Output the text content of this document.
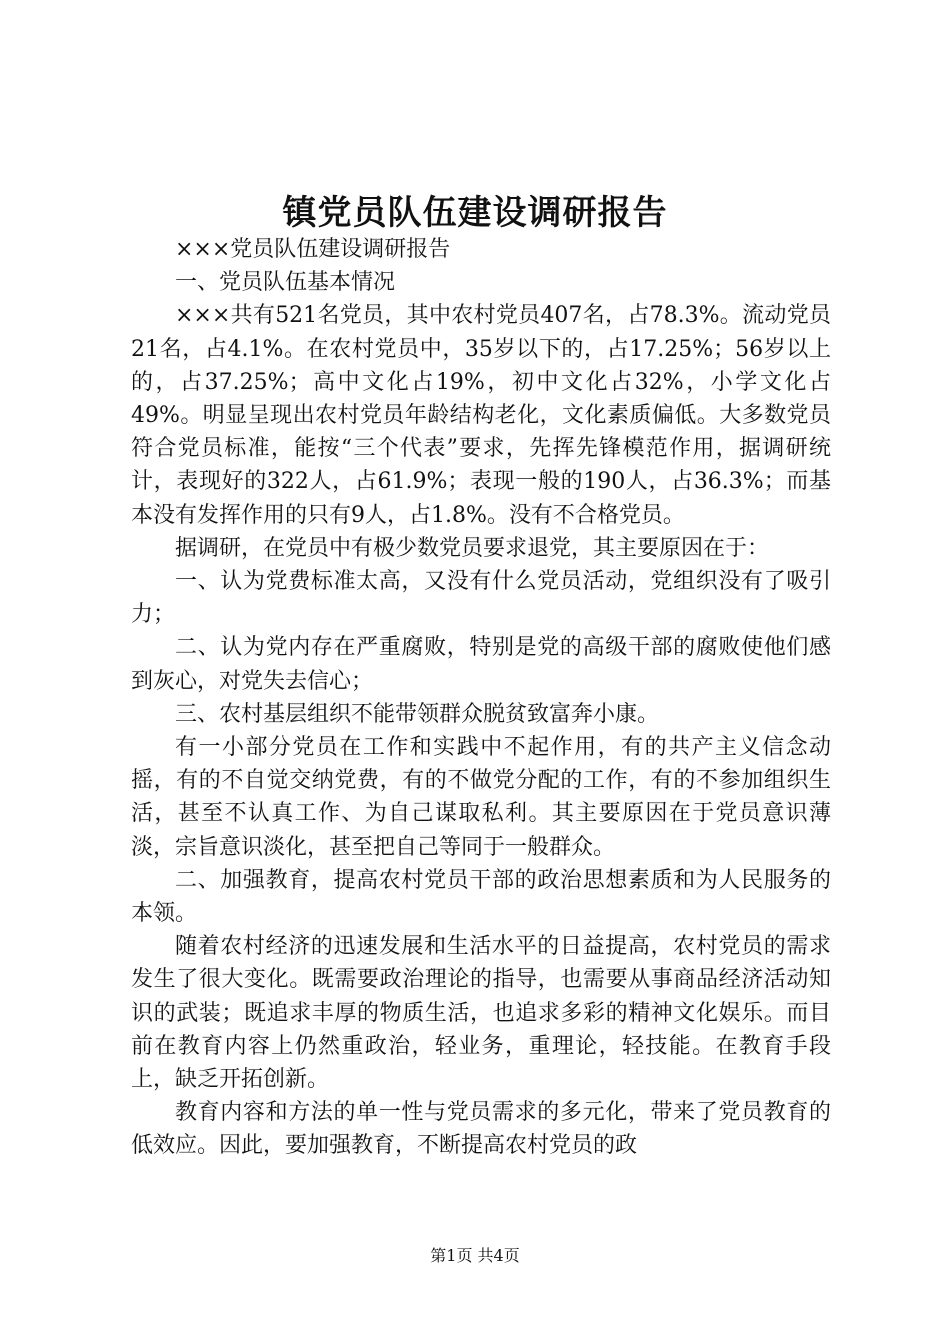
镇党员队伍建设调研报告

×××党员队伍建设调研报告

一、党员队伍基本情况

×××共有521名党员，其中农村党员407名，占78.3%。流动党员21名，占4.1%。在农村党员中，35岁以下的，占17.25%；56岁以上的，占37.25%；高中文化占19%，初中文化占32%，小学文化占49%。明显呈现出农村党员年龄结构老化，文化素质偏低。大多数党员符合党员标准，能按“三个代表”要求，先挥先锋模范作用，据调研统计，表现好的322人，占61.9%；表现一般的190人，占36.3%；而基本没有发挥作用的只有9人，占1.8%。没有不合格党员。

据调研，在党员中有极少数党员要求退党，其主要原因在于：

一、认为党费标准太高，又没有什么党员活动，党组织没有了吸引力；

二、认为党内存在严重腐败，特别是党的高级干部的腐败使他们感到灰心，对党失去信心；

三、农村基层组织不能带领群众脱贫致富奔小康。

有一小部分党员在工作和实践中不起作用，有的共产主义信念动摇，有的不自觉交纳党费，有的不做党分配的工作，有的不参加组织生活，甚至不认真工作、为自己谋取私利。其主要原因在于党员意识薄淡，宗旨意识淡化，甚至把自己等同于一般群众。

二、加强教育，提高农村党员干部的政治思想素质和为人民服务的本领。

随着农村经济的迅速发展和生活水平的日益提高，农村党员的需求发生了很大变化。既需要政治理论的指导，也需要从事商品经济活动知识的武装；既追求丰厚的物质生活，也追求多彩的精神文化娱乐。而目前在教育内容上仍然重政治，轻业务，重理论，轻技能。在教育手段上，缺乏开拓创新。

教育内容和方法的单一性与党员需求的多元化，带来了党员教育的低效应。因此，要加强教育，不断提高农村党员的政

第1页 共4页
